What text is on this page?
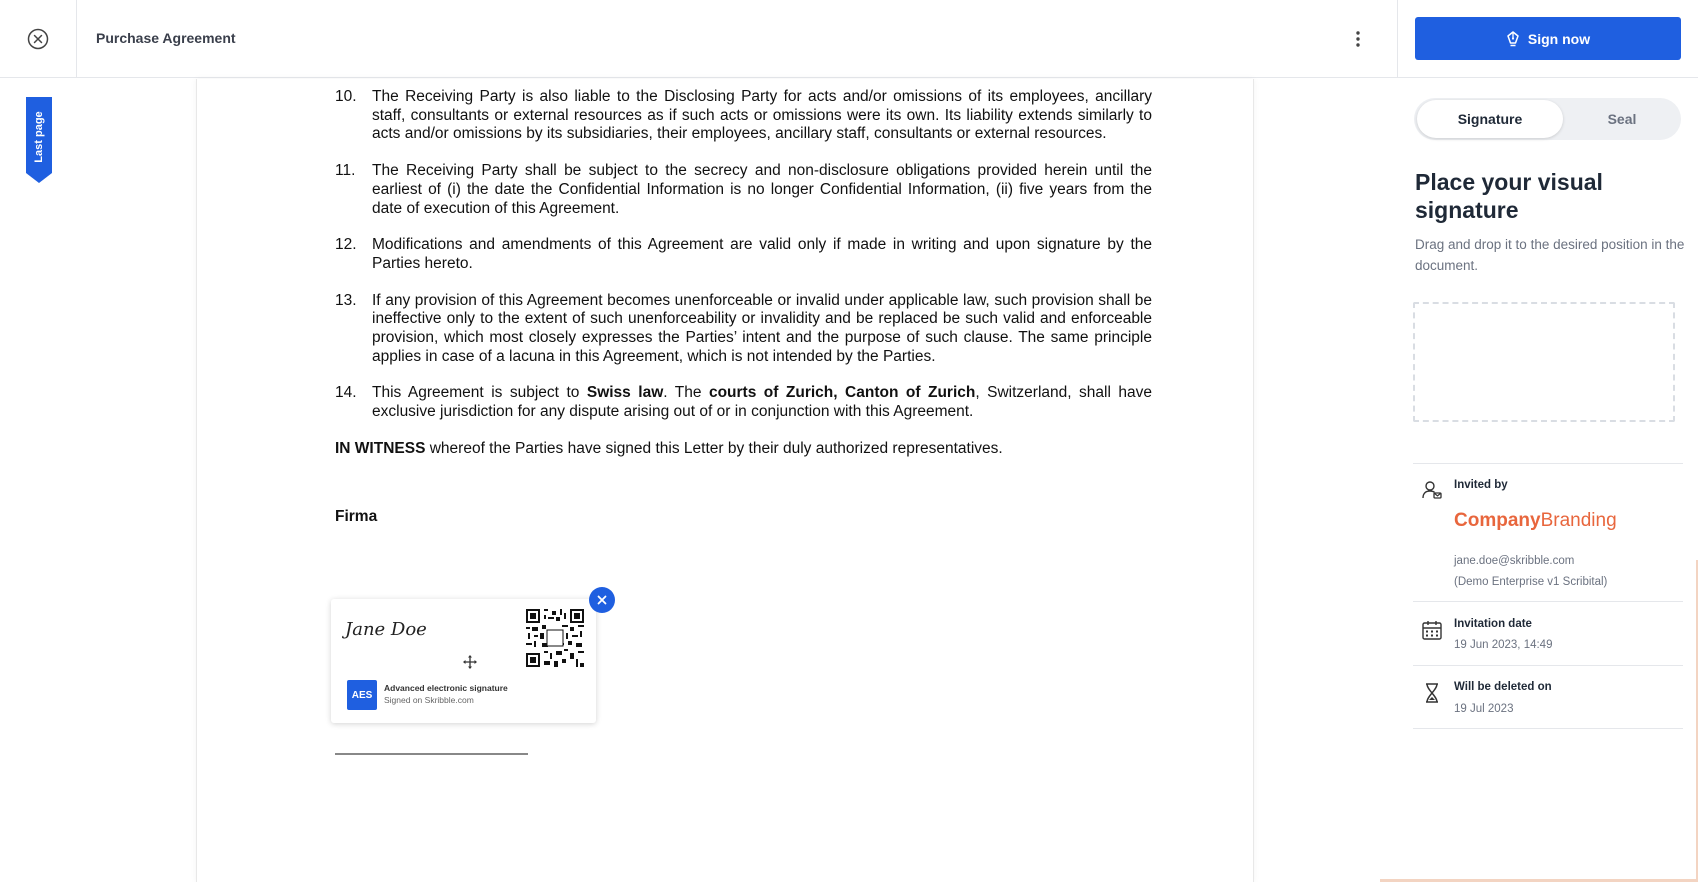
Purchase Agreement	Sign now
Last page
10. The Receiving Party is also liable to the Disclosing Party for acts and/or omissions of its employees, ancillary staff, consultants or external resources as if such acts or omissions were its own. Its liability extends similarly to acts and/or omissions by its subsidiaries, their employees, ancillary staff, consultants or external resources.
11.	The Receiving Party shall be subject to the secrecy and non-disclosure obligations provided herein until the earliest of (i) the date the Confidential Information is no longer Confidential Information, (ii) five years from the date of execution of this Agreement.
12. Modifications and amendments of this Agreement are valid only if made in writing and upon signature by the Parties hereto.
13. If any provision of this Agreement becomes unenforceable or invalid under applicable law, such provision shall be ineffective only to the extent of such unenforceability or invalidity and be replaced be such valid and enforceable provision, which most closely expresses the Parties’ intent and the purpose of such clause. The same principle applies in case of a lacuna in this Agreement, which is not intended by the Parties.
14. This Agreement is subject to Swiss law. The courts of Zurich, Canton of Zurich, Switzerland, shall have exclusive jurisdiction for any dispute arising out of or in conjunction with this Agreement.
IN WITNESS whereof the Parties have signed this Letter by their duly authorized representatives.
Firma
Jane Doe
AES
Advanced electronic signature
Signed on Skribble.com
Signature	Seal
Place your visual signature
Drag and drop it to the desired position in the document.
Invited by
CompanyBranding
jane.doe@skribble.com
(Demo Enterprise v1 Scribital)
Invitation date
19 Jun 2023, 14:49
Will be deleted on
19 Jul 2023
